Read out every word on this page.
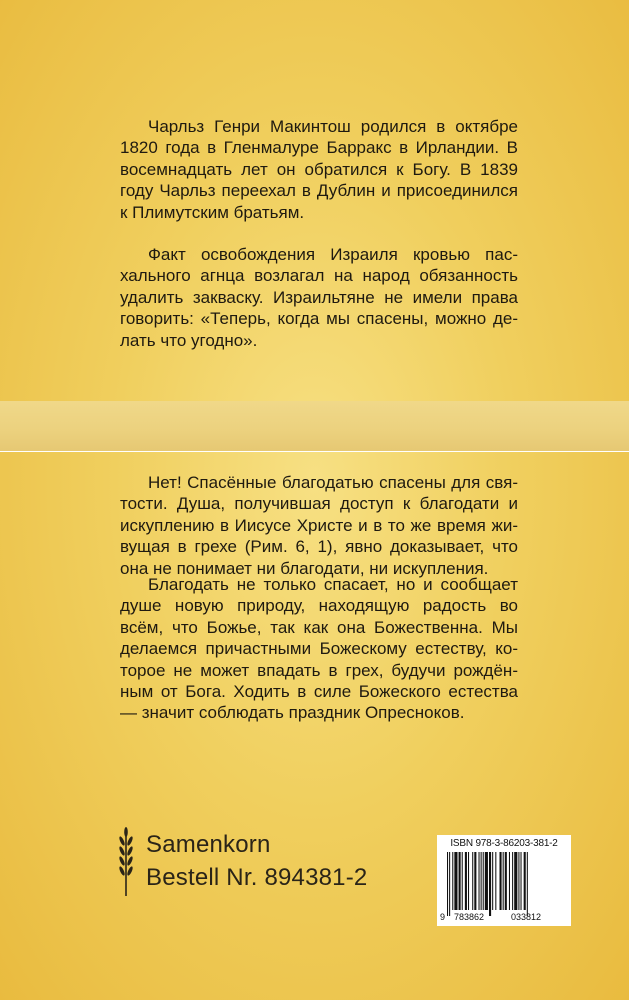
Чарльз Генри Макинтош родился в октябре 1820 года в Гленмалуре Барракс в Ирландии. В восемнадцать лет он обратился к Богу. В 1839 году Чарльз переехал в Дублин и присоединился к Плимутским братьям.

Факт освобождения Израиля кровью пасхального агнца возлагал на народ обязанность удалить закваску. Израильтяне не имели права говорить: «Теперь, когда мы спасены, можно делать что угодно».

Нет! Спасённые благодатью спасены для святости. Душа, получившая доступ к благодати и искуплению в Иисусе Христе и в то же время живущая в грехе (Рим. 6, 1), явно доказывает, что она не понимает ни благодати, ни искупления.

Благодать не только спасает, но и сообщает душе новую природу, находящую радость во всём, что Божье, так как она Божественна. Мы делаемся причастными Божескому естеству, которое не может впадать в грех, будучи рождённым от Бога. Ходить в силе Божеского естества — значит соблюдать праздник Опресноков.

Samenkorn
Bestell Nr. 894381-2
ISBN 978-3-86203-381-2
9 783862	033812
